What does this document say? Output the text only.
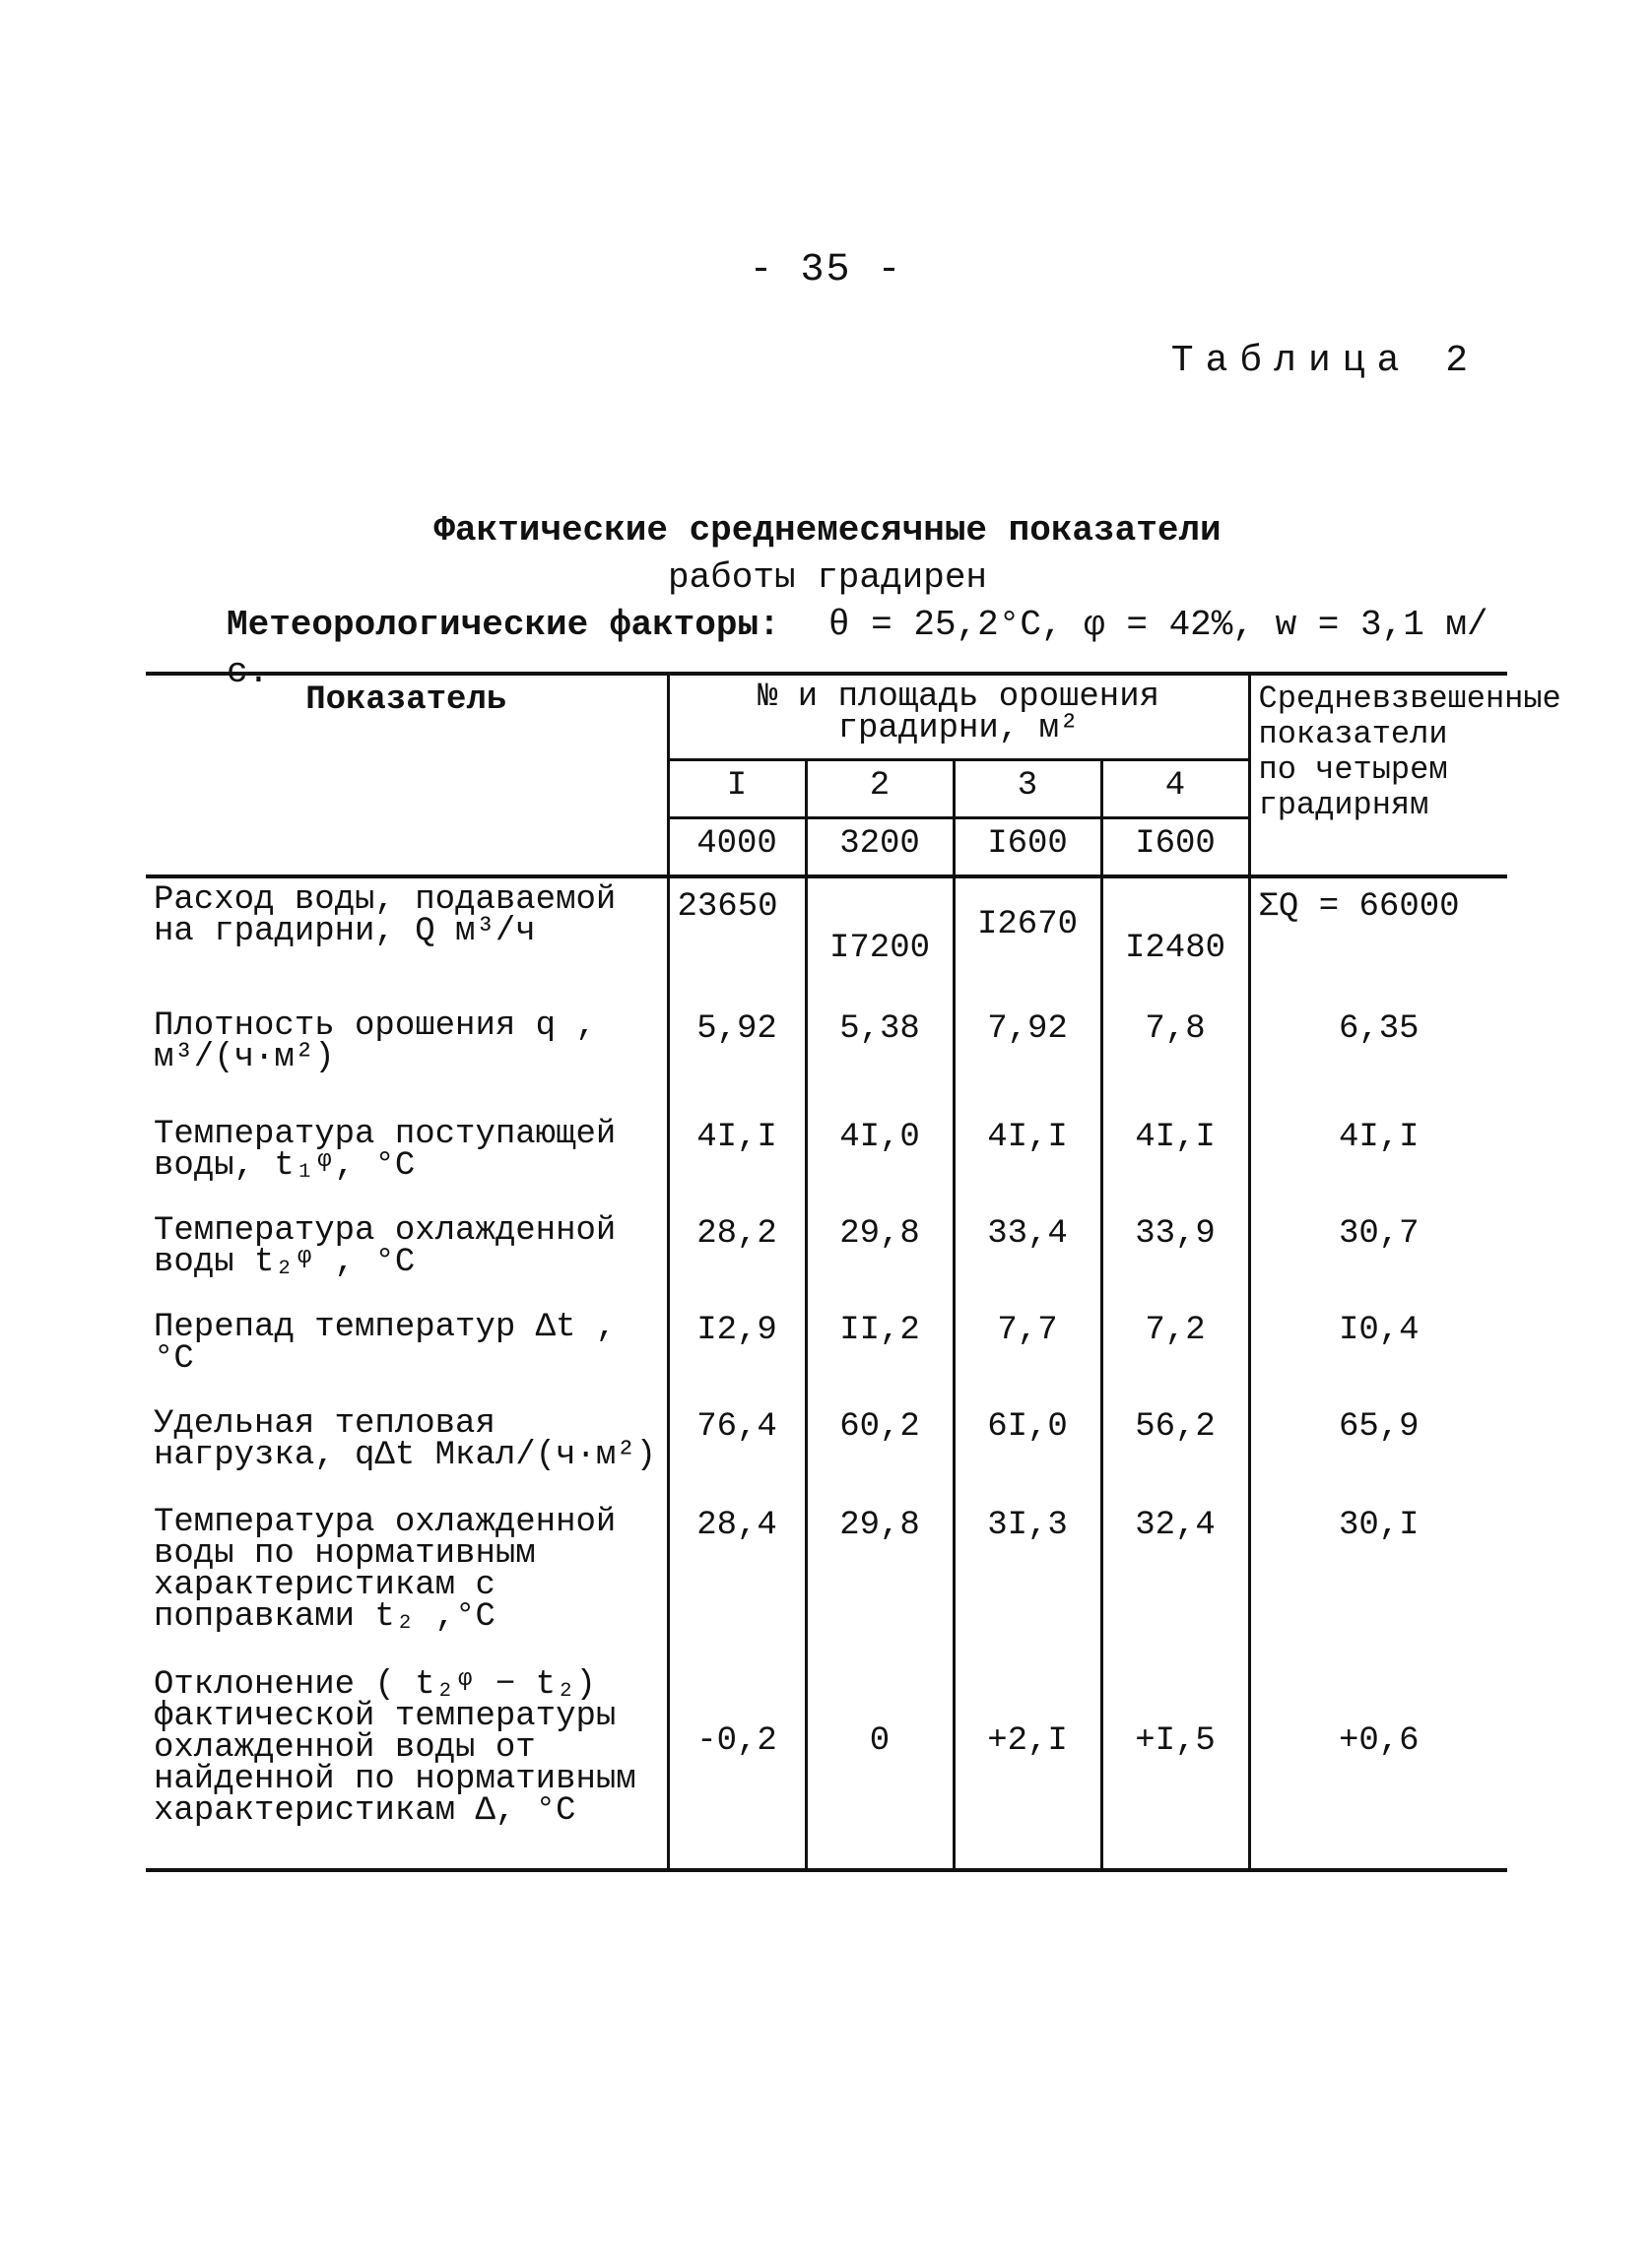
- 35 -
Таблица 2
Фактические среднемесячные показатели
работы градирен
Метеорологические факторы: θ = 25,2°C, φ = 42%, w = 3,1 м/с.
Показатель	№ и площадь орошения градирни, м²				Средневзвешенные показатели по четырем градирням
	I	2	3	4	
	4000	3200	I600	I600	
Расход воды, подаваемой на градирни, Q м³/ч	23650	I7200	I2670	I2480	ΣQ = 66000
Плотность орошения q , м³/(ч·м²)	5,92	5,38	7,92	7,8	6,35
Температура поступающей воды, t₁ᵠ, °C	4I,I	4I,0	4I,I	4I,I	4I,I
Температура охлажденной воды t₂ᵠ , °C	28,2	29,8	33,4	33,9	30,7
Перепад температур Δt , °C	I2,9	II,2	7,7	7,2	I0,4
Удельная тепловая нагрузка, qΔt Мкал/(ч·м²)	76,4	60,2	6I,0	56,2	65,9
Температура охлажденной воды по нормативным характеристикам с поправками t₂ ,°C	28,4	29,8	3I,3	32,4	30,I
Отклонение ( t₂ᵠ − t₂) фактической температуры охлажденной воды от найденной по нормативным характеристикам Δ, °C	-0,2	0	+2,I	+I,5	+0,6
